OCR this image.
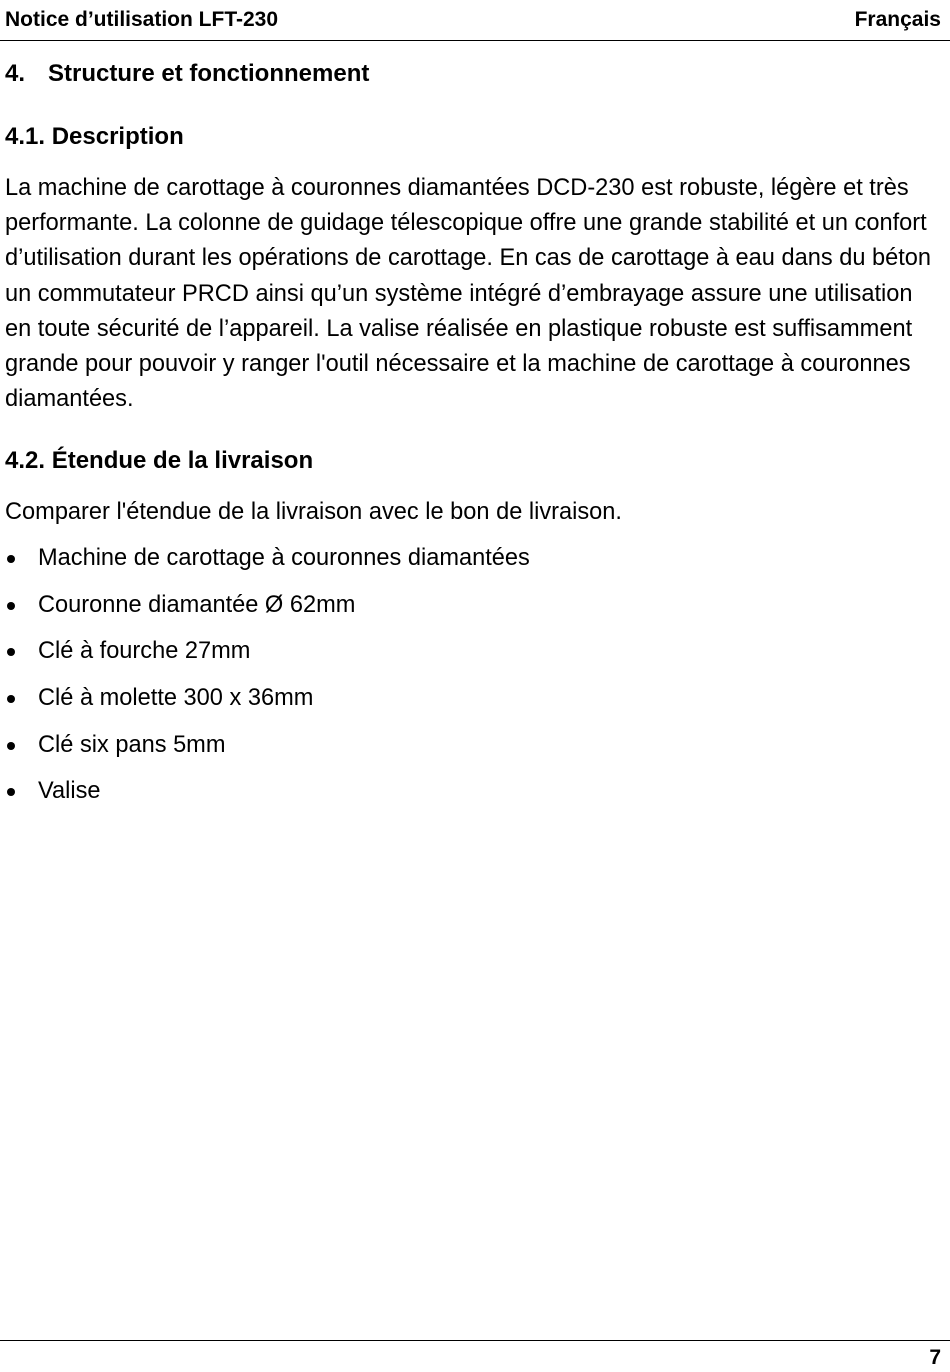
Notice d’utilisation LFT-230	Français
4. Structure et fonctionnement
4.1. Description
La machine de carottage à couronnes diamantées DCD-230 est robuste, légère et très performante. La colonne de guidage télescopique offre une grande stabilité et un confort d’utilisation durant les opérations de carottage. En cas de carottage à eau dans du béton un commutateur PRCD ainsi qu’un système intégré d’embrayage assure une utilisation en toute sécurité de l’appareil. La valise réalisée en plastique robuste est suffisamment grande pour pouvoir y ranger l'outil nécessaire et la machine de carottage à couronnes diamantées.
4.2. Étendue de la livraison
Comparer l'étendue de la livraison avec le bon de livraison.
Machine de carottage à couronnes diamantées
Couronne diamantée Ø 62mm
Clé à fourche 27mm
Clé à molette 300 x 36mm
Clé six pans 5mm
Valise
7
